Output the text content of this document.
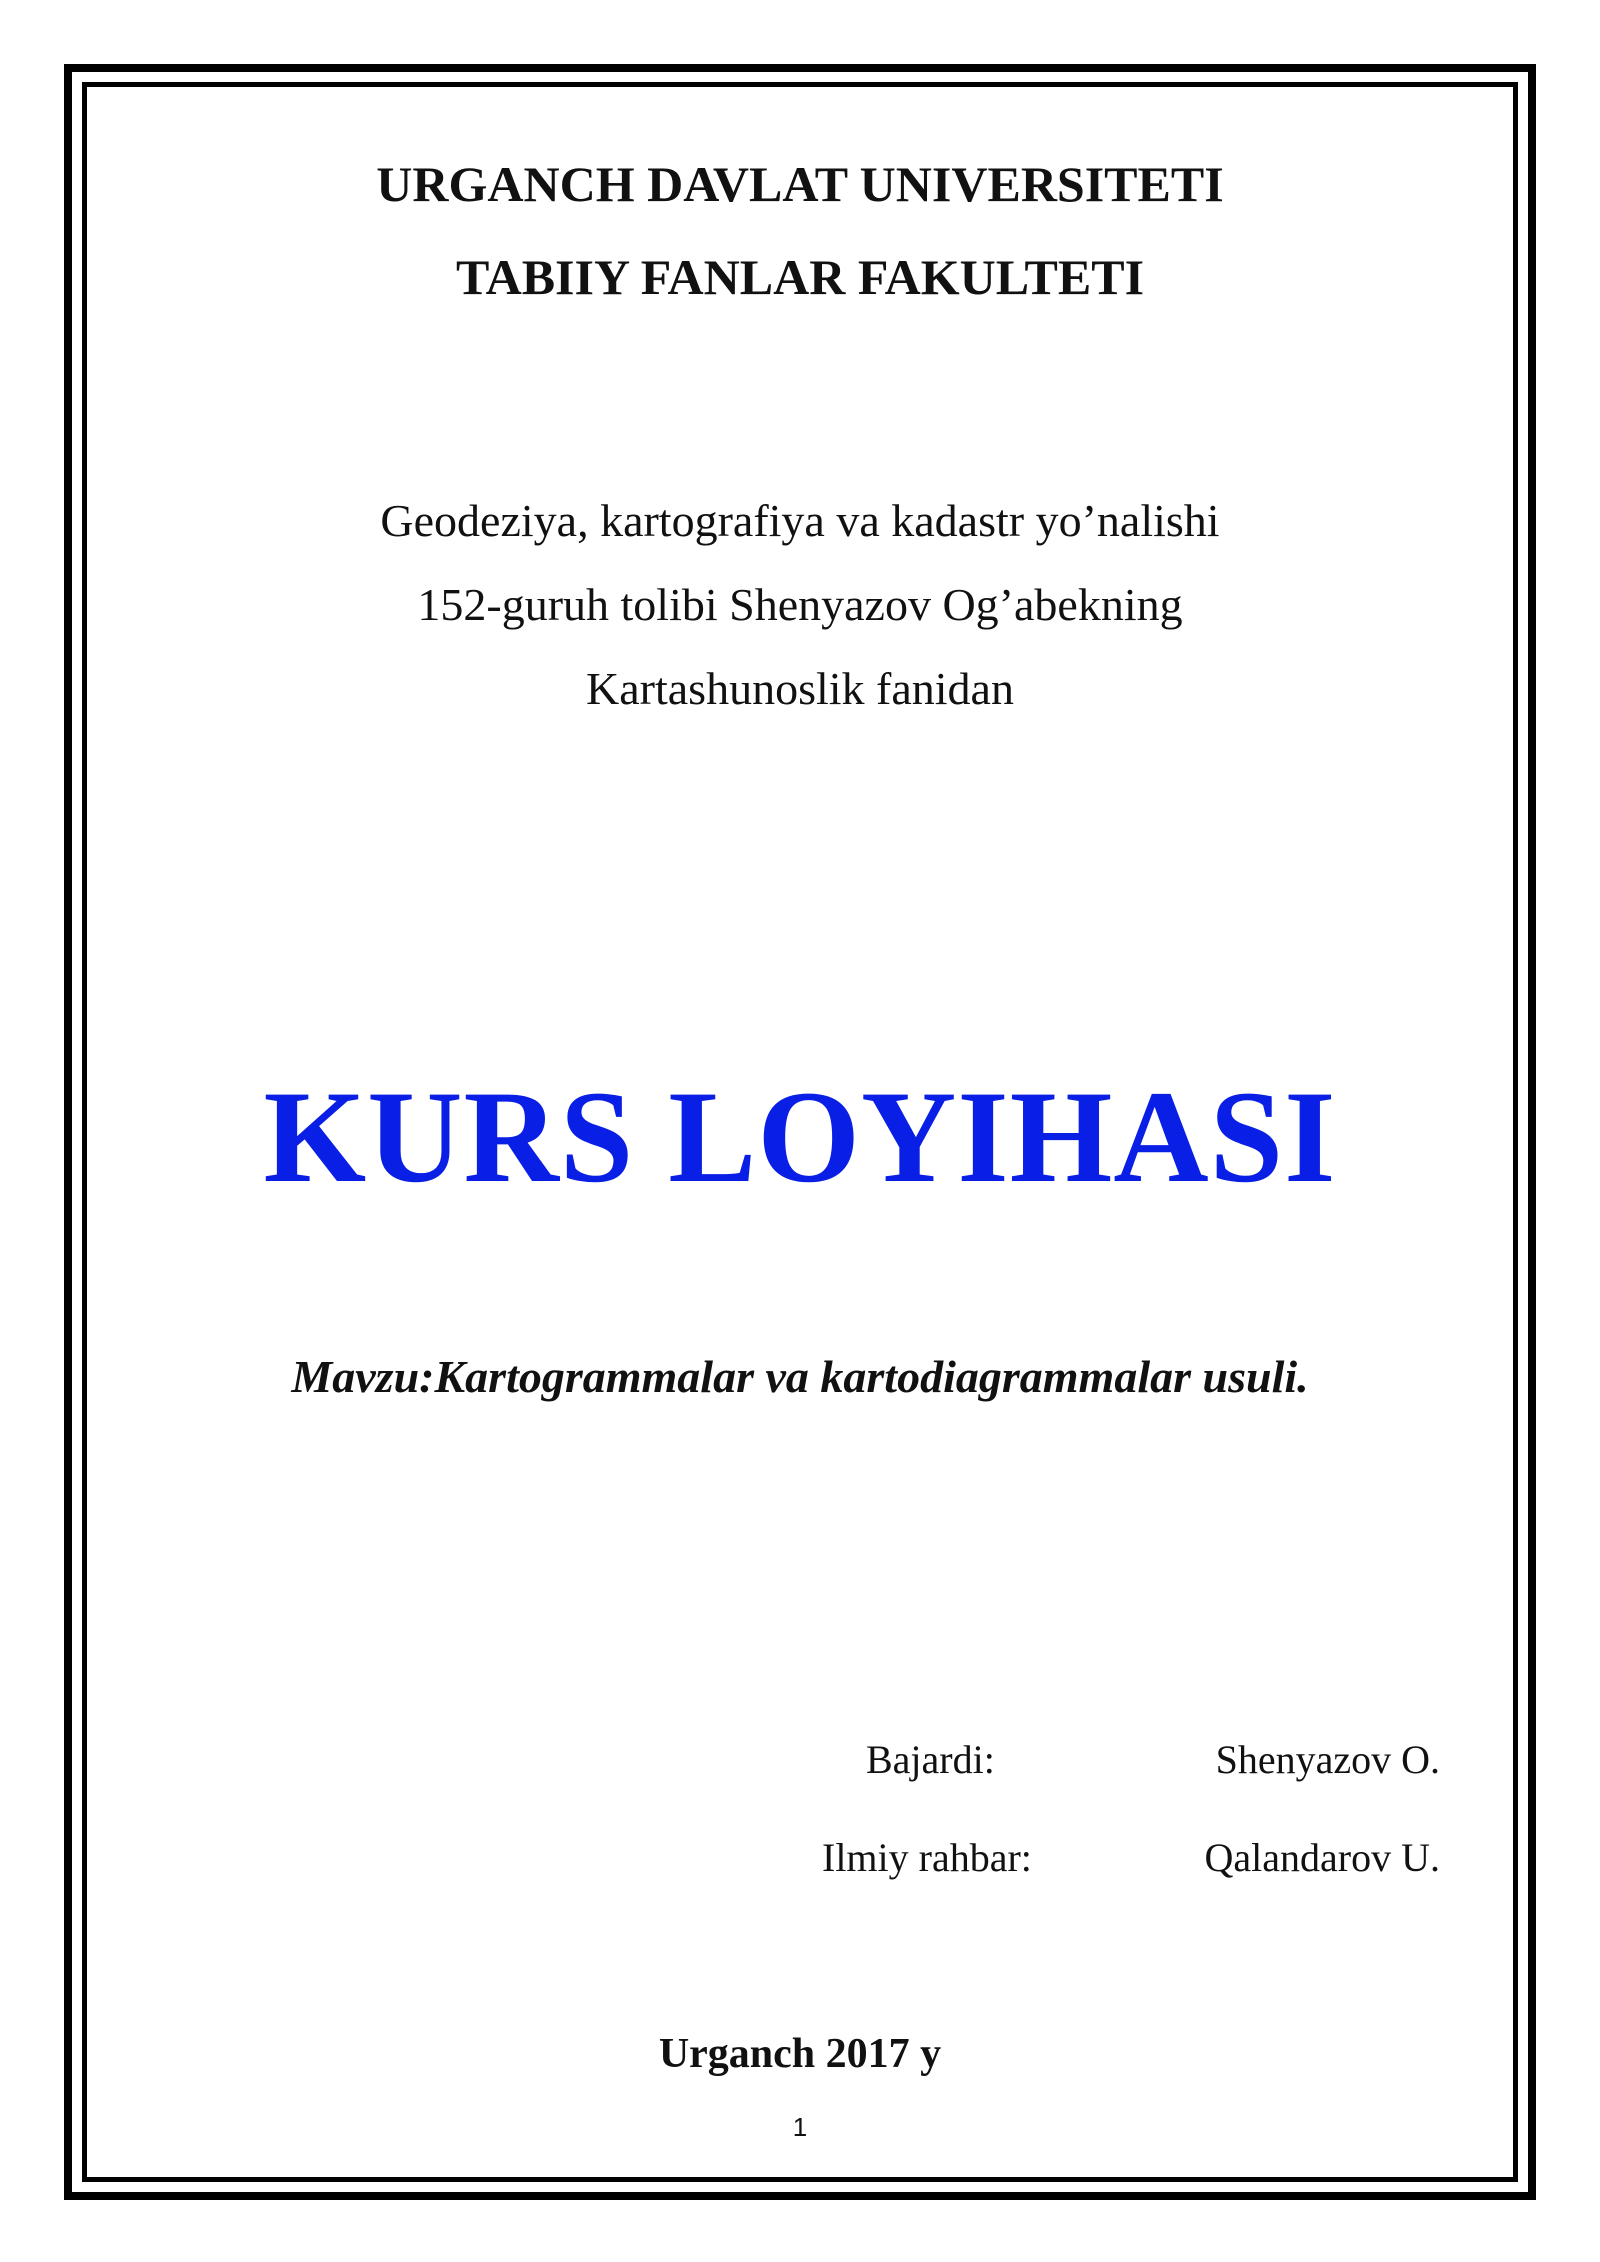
URGANCH DAVLAT UNIVERSITETI
TABIIY FANLAR FAKULTETI
Geodeziya, kartografiya va kadastr yo’nalishi
152-guruh tolibi Shenyazov Og’abekning
Kartashunoslik fanidan
KURS LOYIHASI
Mavzu:Kartogrammalar va kartodiagrammalar usuli.
Bajardi:	Shenyazov O.
Ilmiy rahbar:	Qalandarov U.
Urganch 2017 y
1
